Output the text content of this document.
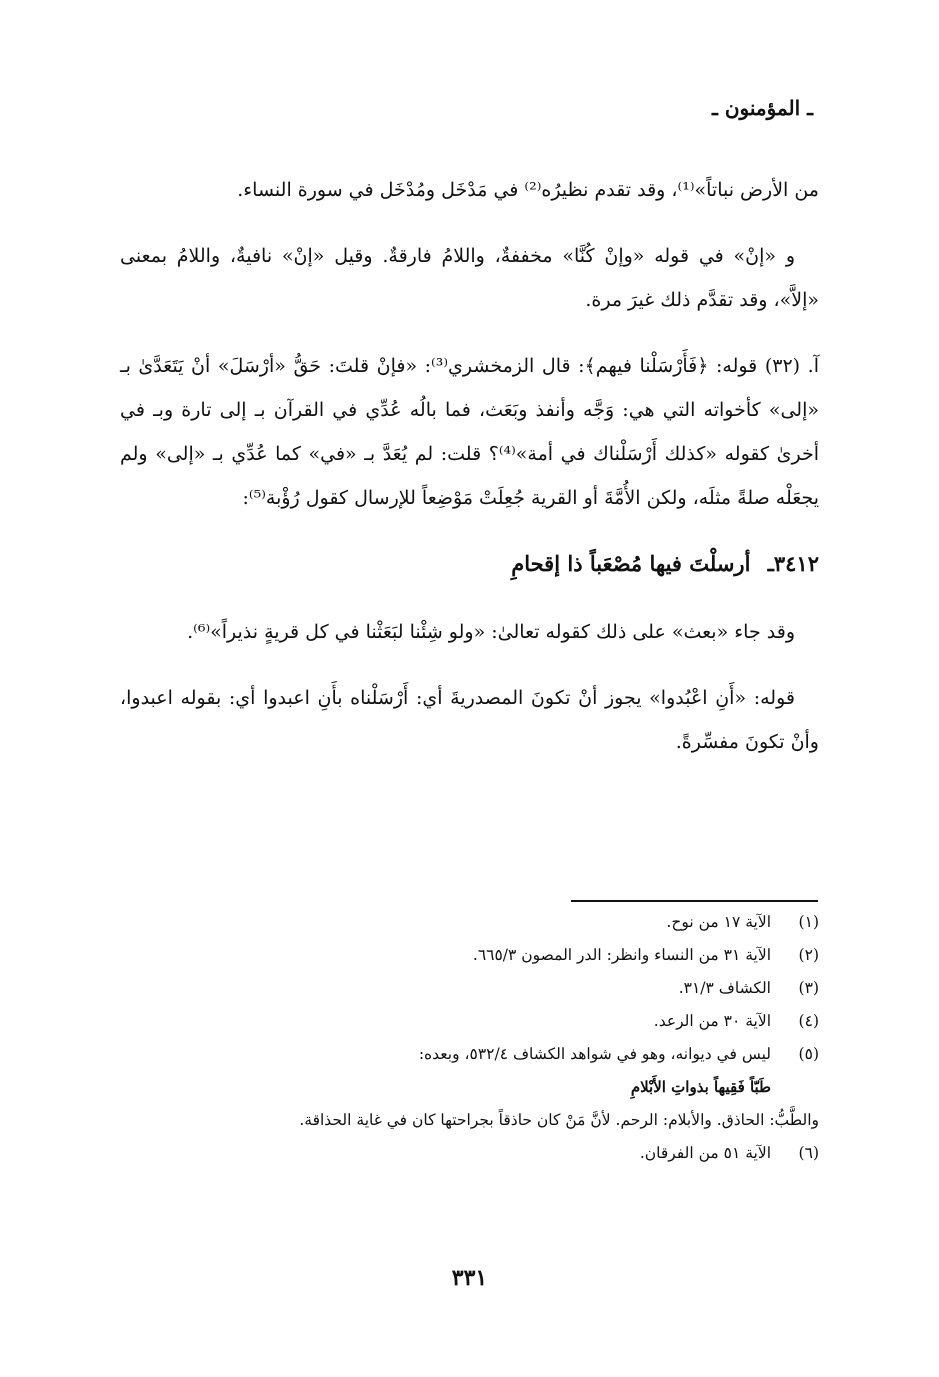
ـ المؤمنون ـ

من الأرض نباتاً»⁽¹⁾، وقد تقدم نظيرُه⁽²⁾ في مَدْخَل ومُدْخَل في سورة النساء.

و «إنْ» في قوله «وإنْ كُنَّا» مخففةٌ، واللامُ فارقةٌ. وقيل «إنْ» نافيةٌ، واللامُ بمعنى «إلاَّ»، وقد تقدَّم ذلك غيرَ مرة.

آ. (٣٢) قوله: ﴿فَأَرْسَلْنا فيهم﴾: قال الزمخشري⁽³⁾: «فإنْ قلتَ: حَقُّ «أرْسَلَ» أنْ يَتَعَدَّىٰ بـ «إلى» كأخواته التي هي: وَجَّه وأنفذ وبَعَث، فما بالُه عُدِّي في القرآن بـ إلى تارة وبـ في أخرىٰ كقوله «كذلك أَرْسَلْناك في أمة»⁽⁴⁾؟ قلت: لم يُعَدَّ بـ «في» كما عُدِّي بـ «إلى» ولم يجعَلْه صلةً مثلَه، ولكن الأُمَّةَ أو القرية جُعِلَتْ مَوْضِعاً للإرسال كقول رُؤْبة⁽⁵⁾:

٣٤١٢ـ أرسلْتَ فيها مُصْعَباً ذا إقحامِ

وقد جاء «بعث» على ذلك كقوله تعالىٰ: «ولو شِئْنا لبَعَثْنا في كل قريةٍ نذيراً»⁽⁶⁾.

قوله: «أَنِ اعْبُدوا» يجوز أنْ تكونَ المصدريةَ أي: أَرْسَلْناه بأَنِ اعبدوا أي: بقوله اعبدوا، وأنْ تكونَ مفسِّرةً.

(١)
الآية ١٧ من نوح.
(٢)
الآية ٣١ من النساء وانظر: الدر المصون ٦٦٥/٣.
(٣)
الكشاف ٣١/٣.
(٤)
الآية ٣٠ من الرعد.
(٥)
ليس في ديوانه، وهو في شواهد الكشاف ٥٣٢/٤، وبعده:
طَبّاً فَقِيهاً بذواتِ الأَبْلامِ
والطَّبُّ: الحاذق. والأبلام: الرحم. لأنَّ مَنْ كان حاذقاً بجراحتها كان في غاية الحذاقة.
(٦)
الآية ٥١ من الفرقان.
٣٣١
